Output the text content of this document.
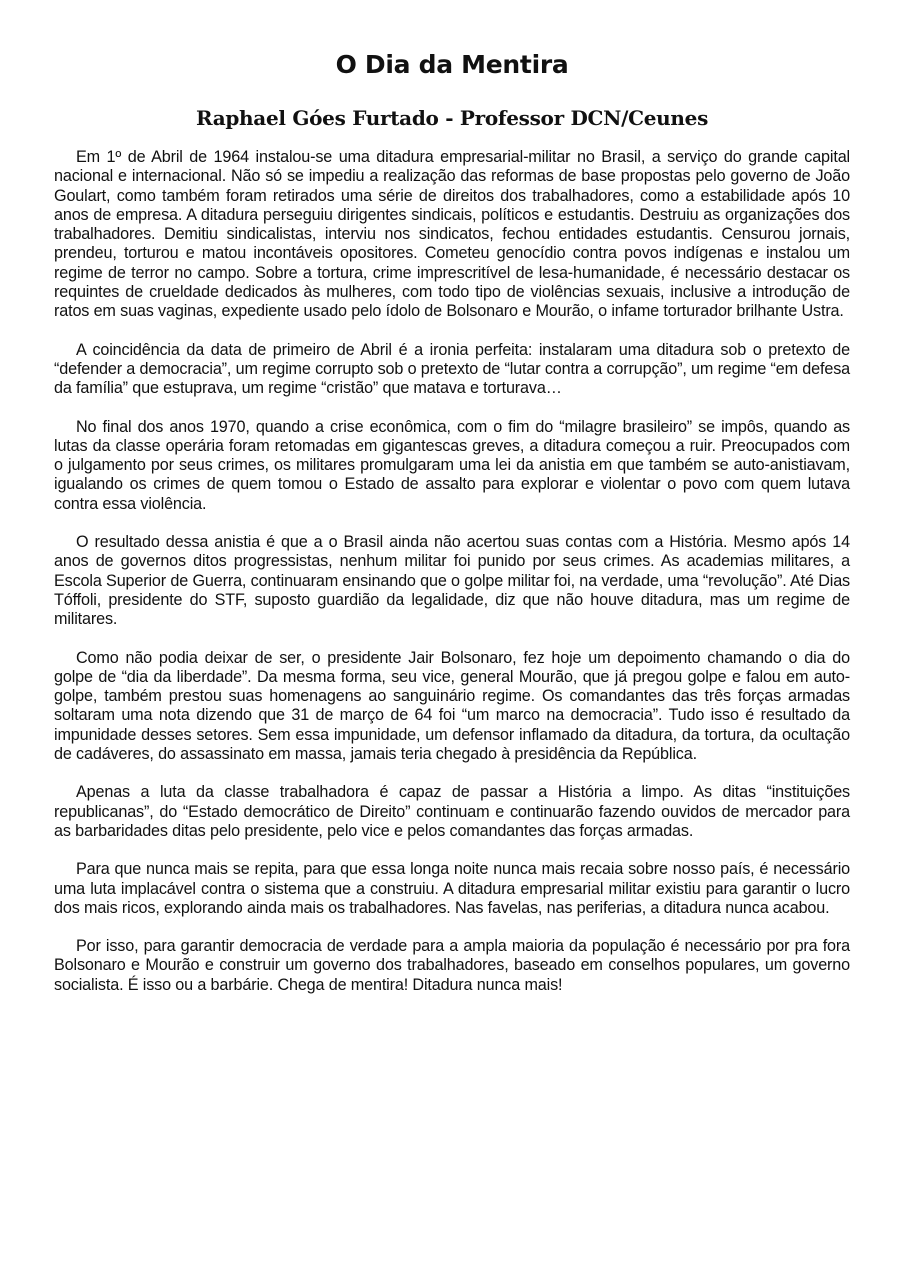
O Dia da Mentira
Raphael Góes Furtado - Professor DCN/Ceunes

Em 1º de Abril de 1964 instalou-se uma ditadura empresarial-militar no Brasil, a serviço do grande capital nacional e internacional. Não só se impediu a realização das reformas de base propostas pelo governo de João Goulart, como também foram retirados uma série de direitos dos trabalhadores, como a estabilidade após 10 anos de empresa. A ditadura perseguiu dirigentes sindicais, políticos e estudantis. Destruiu as organizações dos trabalhadores. Demitiu sindicalistas, interviu nos sindicatos, fechou entidades estudantis. Censurou jornais, prendeu, torturou e matou incontáveis opositores. Cometeu genocídio contra povos indígenas e instalou um regime de terror no campo. Sobre a tortura, crime imprescritível de lesa-humanidade, é necessário destacar os requintes de crueldade dedicados às mulheres, com todo tipo de violências sexuais, inclusive a introdução de ratos em suas vaginas, expediente usado pelo ídolo de Bolsonaro e Mourão, o infame torturador brilhante Ustra.

A coincidência da data de primeiro de Abril é a ironia perfeita: instalaram uma ditadura sob o pretexto de “defender a democracia”, um regime corrupto sob o pretexto de “lutar contra a corrupção”, um regime “em defesa da família” que estuprava, um regime “cristão” que matava e torturava…

No final dos anos 1970, quando a crise econômica, com o fim do “milagre brasileiro” se impôs, quando as lutas da classe operária foram retomadas em gigantescas greves, a ditadura começou a ruir. Preocupados com o julgamento por seus crimes, os militares promulgaram uma lei da anistia em que também se auto-anistiavam, igualando os crimes de quem tomou o Estado de assalto para explorar e violentar o povo com quem lutava contra essa violência.

O resultado dessa anistia é que a o Brasil ainda não acertou suas contas com a História. Mesmo após 14 anos de governos ditos progressistas, nenhum militar foi punido por seus crimes. As academias militares, a Escola Superior de Guerra, continuaram ensinando que o golpe militar foi, na verdade, uma “revolução”. Até Dias Tóffoli, presidente do STF, suposto guardião da legalidade, diz que não houve ditadura, mas um regime de militares.

Como não podia deixar de ser, o presidente Jair Bolsonaro, fez hoje um depoimento chamando o dia do golpe de “dia da liberdade”. Da mesma forma, seu vice, general Mourão, que já pregou golpe e falou em auto-golpe, também prestou suas homenagens ao sanguinário regime. Os comandantes das três forças armadas soltaram uma nota dizendo que 31 de março de 64 foi “um marco na democracia”. Tudo isso é resultado da impunidade desses setores. Sem essa impunidade, um defensor inflamado da ditadura, da tortura, da ocultação de cadáveres, do assassinato em massa, jamais teria chegado à presidência da República.

Apenas a luta da classe trabalhadora é capaz de passar a História a limpo. As ditas “instituições republicanas”, do “Estado democrático de Direito” continuam e continuarão fazendo ouvidos de mercador para as barbaridades ditas pelo presidente, pelo vice e pelos comandantes das forças armadas.

Para que nunca mais se repita, para que essa longa noite nunca mais recaia sobre nosso país, é necessário uma luta implacável contra o sistema que a construiu. A ditadura empresarial militar existiu para garantir o lucro dos mais ricos, explorando ainda mais os trabalhadores. Nas favelas, nas periferias, a ditadura nunca acabou.

Por isso, para garantir democracia de verdade para a ampla maioria da população é necessário por pra fora Bolsonaro e Mourão e construir um governo dos trabalhadores, baseado em conselhos populares, um governo socialista. É isso ou a barbárie. Chega de mentira! Ditadura nunca mais!
